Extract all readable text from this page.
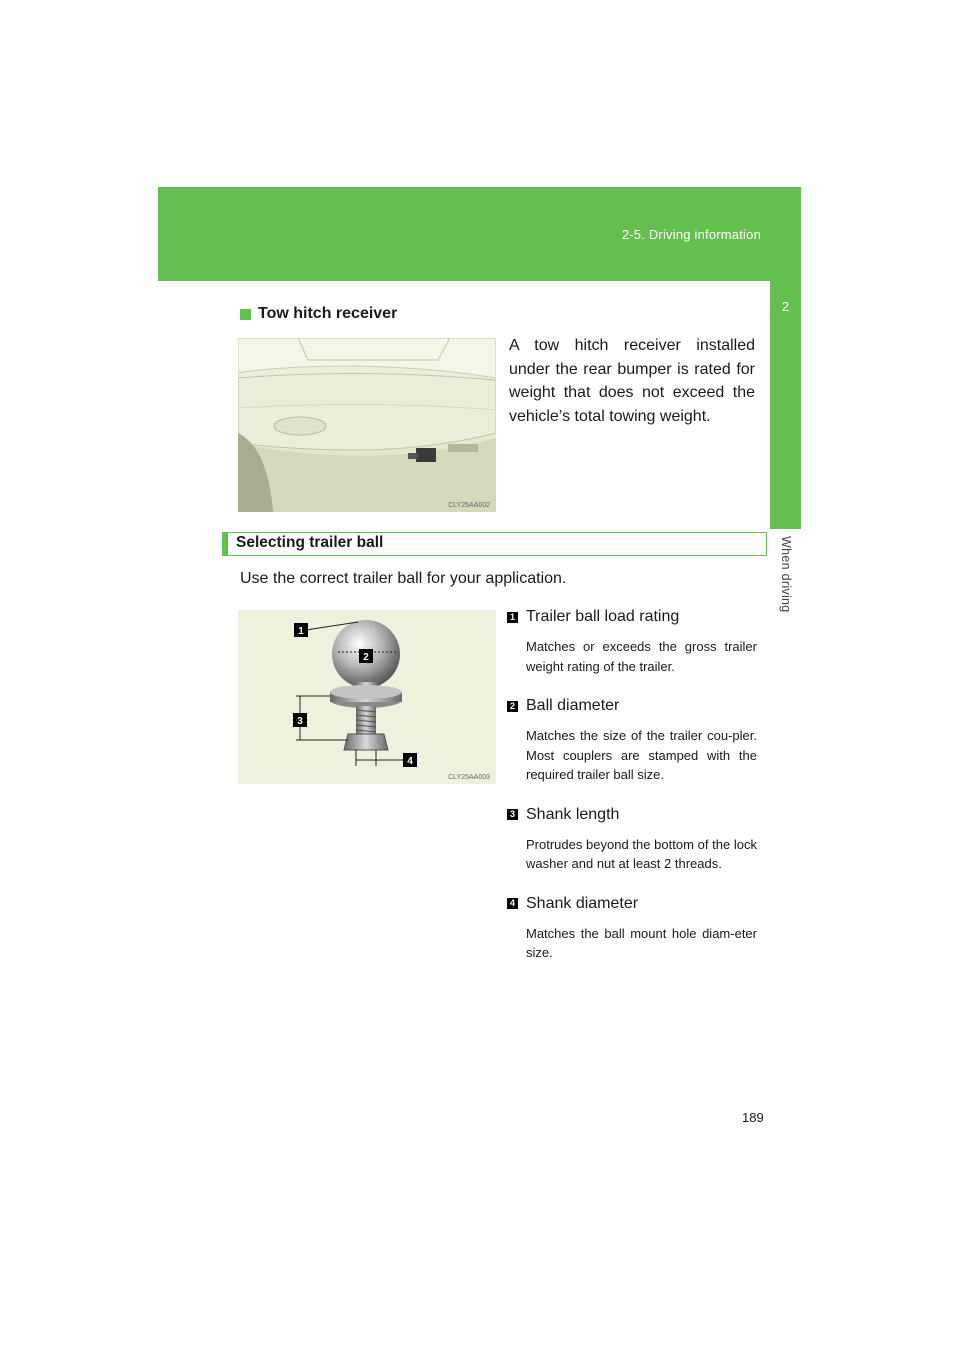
2-5. Driving information
2
When driving
Tow hitch receiver
CLY25AA002
A tow hitch receiver installed under the rear bumper is rated for weight that does not exceed the vehicle’s total towing weight.
Selecting trailer ball
Use the correct trailer ball for your application.
1
2
3
4
CLY25AA003
1 Trailer ball load rating
Matches or exceeds the gross trailer weight rating of the trailer.
2 Ball diameter
Matches the size of the trailer cou-pler. Most couplers are stamped with the required trailer ball size.
3 Shank length
Protrudes beyond the bottom of the lock washer and nut at least 2 threads.
4 Shank diameter
Matches the ball mount hole diam-eter size.
189
